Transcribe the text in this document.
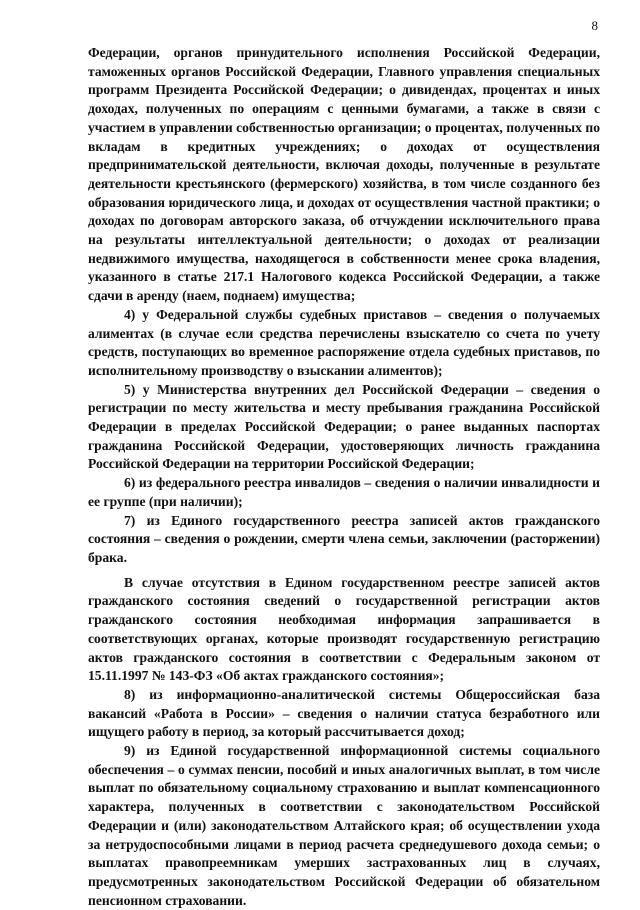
8

Федерации, органов принудительного исполнения Российской Федерации, таможенных органов Российской Федерации, Главного управления специальных программ Президента Российской Федерации; о дивидендах, процентах и иных доходах, полученных по операциям с ценными бумагами, а также в связи с участием в управлении собственностью организации; о процентах, полученных по вкладам в кредитных учреждениях; о доходах от осуществления предпринимательской деятельности, включая доходы, полученные в результате деятельности крестьянского (фермерского) хозяйства, в том числе созданного без образования юридического лица, и доходах от осуществления частной практики; о доходах по договорам авторского заказа, об отчуждении исключительного права на результаты интеллектуальной деятельности; о доходах от реализации недвижимого имущества, находящегося в собственности менее срока владения, указанного в статье 217.1 Налогового кодекса Российской Федерации, а также сдачи в аренду (наем, поднаем) имущества;

4) у Федеральной службы судебных приставов – сведения о получаемых алиментах (в случае если средства перечислены взыскателю со счета по учету средств, поступающих во временное распоряжение отдела судебных приставов, по исполнительному производству о взыскании алиментов);

5) у Министерства внутренних дел Российской Федерации – сведения о регистрации по месту жительства и месту пребывания гражданина Российской Федерации в пределах Российской Федерации; о ранее выданных паспортах гражданина Российской Федерации, удостоверяющих личность гражданина Российской Федерации на территории Российской Федерации;

6) из федерального реестра инвалидов – сведения о наличии инвалидности и ее группе (при наличии);

7) из Единого государственного реестра записей актов гражданского состояния – сведения о рождении, смерти члена семьи, заключении (расторжении) брака.

В случае отсутствия в Едином государственном реестре записей актов гражданского состояния сведений о государственной регистрации актов гражданского состояния необходимая информация запрашивается в соответствующих органах, которые производят государственную регистрацию актов гражданского состояния в соответствии с Федеральным законом от 15.11.1997 № 143-ФЗ «Об актах гражданского состояния»;

8) из информационно-аналитической системы Общероссийская база вакансий «Работа в России» – сведения о наличии статуса безработного или ищущего работу в период, за который рассчитывается доход;

9) из Единой государственной информационной системы социального обеспечения – о суммах пенсии, пособий и иных аналогичных выплат, в том числе выплат по обязательному социальному страхованию и выплат компенсационного характера, полученных в соответствии с законодательством Российской Федерации и (или) законодательством Алтайского края; об осуществлении ухода за нетрудоспособными лицами в период расчета среднедушевого дохода семьи; о выплатах правопреемникам умерших застрахованных лиц в случаях, предусмотренных законодательством Российской Федерации об обязательном пенсионном страховании.
